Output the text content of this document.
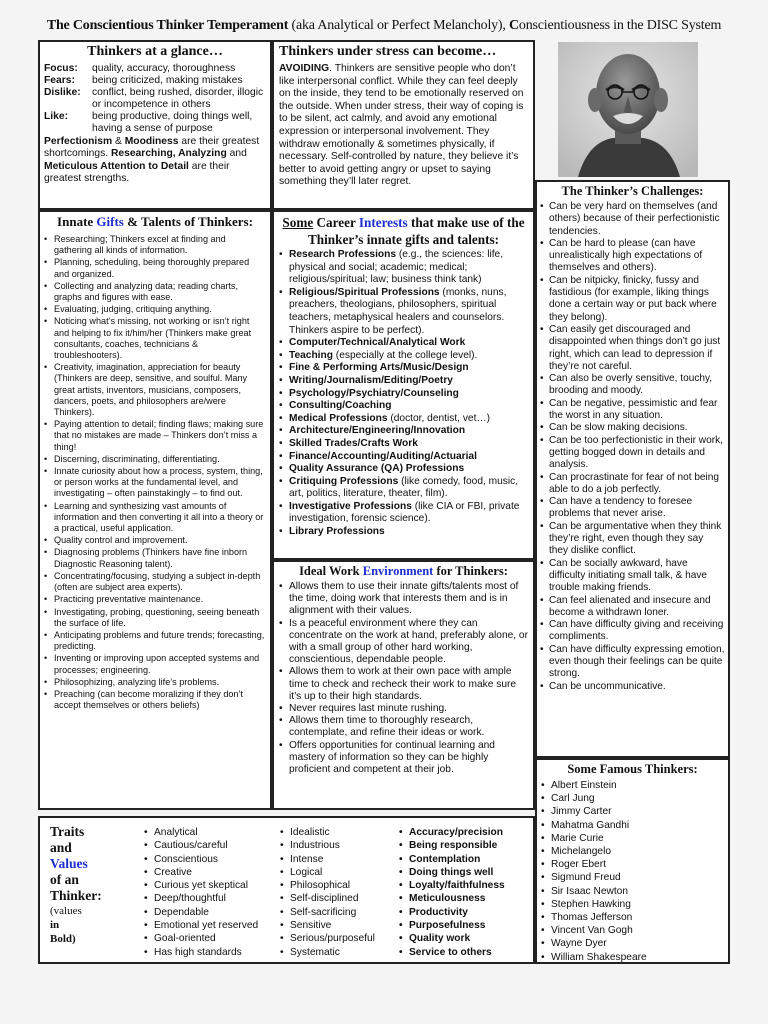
The Conscientious Thinker Temperament (aka Analytical or Perfect Melancholy), Conscientiousness in the DISC System
Thinkers at a glance…
Focus:	quality, accuracy, thoroughness
Fears:	being criticized, making mistakes
Dislike:	conflict, being rushed, disorder, illogic or incompetence in others
Like:	being productive, doing things well, having a sense of purpose
Perfectionism & Moodiness are their greatest shortcomings. Researching, Analyzing and Meticulous Attention to Detail are their greatest strengths.
Thinkers under stress can become…
AVOIDING. Thinkers are sensitive people who don’t like interpersonal conflict. While they can feel deeply on the inside, they tend to be emotionally reserved on the outside. When under stress, their way of coping is to be silent, act calmly, and avoid any emotional expression or interpersonal involvement. They withdraw emotionally & sometimes physically, if necessary. Self-controlled by nature, they believe it’s better to avoid getting angry or upset to saying something they’ll later regret.
The Thinker’s Challenges:
• Can be very hard on themselves (and others) because of their perfectionistic tendencies.
• Can be hard to please (can have unrealistically high expectations of themselves and others).
• Can be nitpicky, finicky, fussy and fastidious (for example, liking things done a certain way or put back where they belong).
• Can easily get discouraged and disappointed when things don’t go just right, which can lead to depression if they’re not careful.
• Can also be overly sensitive, touchy, brooding and moody.
• Can be negative, pessimistic and fear the worst in any situation.
• Can be slow making decisions.
• Can be too perfectionistic in their work, getting bogged down in details and analysis.
• Can procrastinate for fear of not being able to do a job perfectly.
• Can have a tendency to foresee problems that never arise.
• Can be argumentative when they think they’re right, even though they say they dislike conflict.
• Can be socially awkward, have difficulty initiating small talk, & have trouble making friends.
• Can feel alienated and insecure and become a withdrawn loner.
• Can have difficulty giving and receiving compliments.
• Can have difficulty expressing emotion, even though their feelings can be quite strong.
• Can be uncommunicative.
Innate Gifts & Talents of Thinkers:
• Researching; Thinkers excel at finding and gathering all kinds of information.
• Planning, scheduling, being thoroughly prepared and organized.
• Collecting and analyzing data; reading charts, graphs and figures with ease.
• Evaluating, judging, critiquing anything.
• Noticing what’s missing, not working or isn’t right and helping to fix it/him/her (Thinkers make great consultants, coaches, technicians & troubleshooters).
• Creativity, imagination, appreciation for beauty (Thinkers are deep, sensitive, and soulful. Many great artists, inventors, musicians, composers, dancers, poets, and philosophers are/were Thinkers).
• Paying attention to detail; finding flaws; making sure that no mistakes are made – Thinkers don’t miss a thing!
• Discerning, discriminating, differentiating.
• Innate curiosity about how a process, system, thing, or person works at the fundamental level, and investigating – often painstakingly – to find out.
• Learning and synthesizing vast amounts of information and then converting it all into a theory or a practical, useful application.
• Quality control and improvement.
• Diagnosing problems (Thinkers have fine inborn Diagnostic Reasoning talent).
• Concentrating/focusing, studying a subject in-depth (often are subject area experts).
• Practicing preventative maintenance.
• Investigating, probing, questioning, seeing beneath the surface of life.
• Anticipating problems and future trends; forecasting, predicting.
• Inventing or improving upon accepted systems and processes; engineering.
• Philosophizing, analyzing life’s problems.
• Preaching (can become moralizing if they don’t accept themselves or others beliefs)
Some Career Interests that make use of the Thinker’s innate gifts and talents:
• Research Professions (e.g., the sciences: life, physical and social; academic; medical; religious/spiritual; law; business think tank)
• Religious/Spiritual Professions (monks, nuns, preachers, theologians, philosophers, spiritual teachers, metaphysical healers and counselors. Thinkers aspire to be perfect).
• Computer/Technical/Analytical Work
• Teaching (especially at the college level).
• Fine & Performing Arts/Music/Design
• Writing/Journalism/Editing/Poetry
• Psychology/Psychiatry/Counseling
• Consulting/Coaching
• Medical Professions (doctor, dentist, vet…)
• Architecture/Engineering/Innovation
• Skilled Trades/Crafts Work
• Finance/Accounting/Auditing/Actuarial
• Quality Assurance (QA) Professions
• Critiquing Professions (like comedy, food, music, art, politics, literature, theater, film).
• Investigative Professions (like CIA or FBI, private investigation, forensic science).
• Library Professions
Ideal Work Environment for Thinkers:
• Allows them to use their innate gifts/talents most of the time, doing work that interests them and is in alignment with their values.
• Is a peaceful environment where they can concentrate on the work at hand, preferably alone, or with a small group of other hard working, conscientious, dependable people.
• Allows them to work at their own pace with ample time to check and recheck their work to make sure it’s up to their high standards.
• Never requires last minute rushing.
• Allows them time to thoroughly research, contemplate, and refine their ideas or work.
• Offers opportunities for continual learning and mastery of information so they can be highly proficient and competent at their job.	Some Famous Thinkers:
• Albert Einstein
• Carl Jung
• Jimmy Carter
• Mahatma Gandhi
• Marie Curie
• Michelangelo
• Roger Ebert
• Sigmund Freud
• Sir Isaac Newton
• Stephen Hawking
• Thomas Jefferson
• Vincent Van Gogh
• Wayne Dyer
• William Shakespeare
Traits
and
Values
of an
Thinker:
(values
in
Bold)
• Analytical
• Cautious/careful
• Conscientious
• Creative
• Curious yet skeptical
• Deep/thoughtful
• Dependable
• Emotional yet reserved
• Goal-oriented
• Has high standards
• Idealistic
• Industrious
• Intense
• Logical
• Philosophical
• Self-disciplined
• Self-sacrificing
• Sensitive
• Serious/purposeful
• Systematic
• Accuracy/precision
• Being responsible
• Contemplation
• Doing things well
• Loyalty/faithfulness
• Meticulousness
• Productivity
• Purposefulness
• Quality work
• Service to others
